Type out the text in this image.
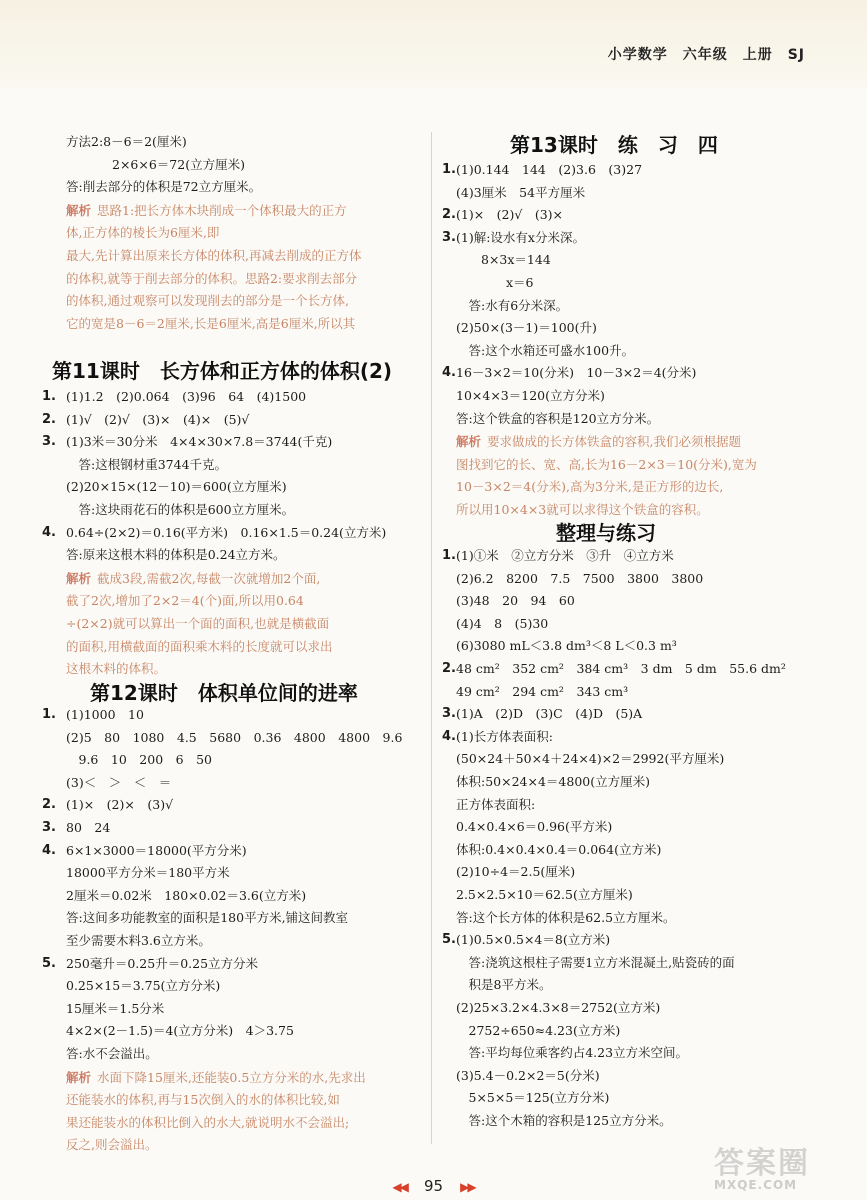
小学数学　六年级　上册　SJ
方法2:8－6＝2(厘米)
2×6×6＝72(立方厘米)
答:削去部分的体积是72立方厘米。
解析 思路1:把长方体木块削成一个体积最大的正方
体,正方体的棱长为6厘米,即
最大,先计算出原来长方体的体积,再减去削成的正方体
的体积,就等于削去部分的体积。思路2:要求削去部分
的体积,通过观察可以发现削去的部分是一个长方体,
它的宽是8－6＝2厘米,长是6厘米,高是6厘米,所以其
第11课时　长方体和正方体的体积(2)
1. (1)1.2　(2)0.064　(3)96　64　(4)1500
2. (1)√　(2)√　(3)×　(4)×　(5)√
3. (1)3米＝30分米　4×4×30×7.8＝3744(千克)
　答:这根钢材重3744千克。
(2)20×15×(12－10)＝600(立方厘米)
　答:这块雨花石的体积是600立方厘米。
4. 0.64÷(2×2)＝0.16(平方米)　0.16×1.5＝0.24(立方米)
答:原来这根木料的体积是0.24立方米。
解析 截成3段,需截2次,每截一次就增加2个面,
截了2次,增加了2×2＝4(个)面,所以用0.64
÷(2×2)就可以算出一个面的面积,也就是横截面
的面积,用横截面的面积乘木料的长度就可以求出
这根木料的体积。
第12课时　体积单位间的进率
1. (1)1000　10
(2)5　80　1080　4.5　5680　0.36　4800　4800　9.6
　9.6　10　200　6　50
(3)＜　＞　＜　＝
2. (1)×　(2)×　(3)√
3. 80　24
4. 6×1×3000＝18000(平方分米)
18000平方分米＝180平方米
2厘米＝0.02米　180×0.02＝3.6(立方米)
答:这间多功能教室的面积是180平方米,铺这间教室
至少需要木料3.6立方米。
5. 250毫升＝0.25升＝0.25立方分米
0.25×15＝3.75(立方分米)
15厘米＝1.5分米
4×2×(2－1.5)＝4(立方分米)　4＞3.75
答:水不会溢出。
解析 水面下降15厘米,还能装0.5立方分米的水,先求出
还能装水的体积,再与15次倒入的水的体积比较,如
果还能装水的体积比倒入的水大,就说明水不会溢出;
反之,则会溢出。
第13课时　练　习　四
1. (1)0.144　144　(2)3.6　(3)27
(4)3厘米　54平方厘米
2. (1)×　(2)√　(3)×
3. (1)解:设水有x分米深。
　　8×3x＝144
　　　　x＝6
　答:水有6分米深。
(2)50×(3－1)＝100(升)
　答:这个水箱还可盛水100升。
4. 16－3×2＝10(分米)　10－3×2＝4(分米)
10×4×3＝120(立方分米)
答:这个铁盒的容积是120立方分米。
解析 要求做成的长方体铁盒的容积,我们必须根据题
图找到它的长、宽、高,长为16－2×3＝10(分米),宽为
10－3×2＝4(分米),高为3分米,是正方形的边长,
所以用10×4×3就可以求得这个铁盒的容积。
整理与练习
1. (1)①米　②立方分米　③升　④立方米
(2)6.2　8200　7.5　7500　3800　3800
(3)48　20　94　60
(4)4　8　(5)30
(6)3080 mL＜3.8 dm³＜8 L＜0.3 m³
2. 48 cm²　352 cm²　384 cm³　3 dm　5 dm　55.6 dm²
49 cm²　294 cm²　343 cm³
3. (1)A　(2)D　(3)C　(4)D　(5)A
4. (1)长方体表面积:
(50×24＋50×4＋24×4)×2＝2992(平方厘米)
体积:50×24×4＝4800(立方厘米)
正方体表面积:
0.4×0.4×6＝0.96(平方米)
体积:0.4×0.4×0.4＝0.064(立方米)
(2)10÷4＝2.5(厘米)
2.5×2.5×10＝62.5(立方厘米)
答:这个长方体的体积是62.5立方厘米。
5. (1)0.5×0.5×4＝8(立方米)
　答:浇筑这根柱子需要1立方米混凝土,贴瓷砖的面
　积是8平方米。
(2)25×3.2×4.3×8＝2752(立方米)
　2752÷650≈4.23(立方米)
　答:平均每位乘客约占4.23立方米空间。
(3)5.4－0.2×2＝5(分米)
　5×5×5＝125(立方分米)
　答:这个木箱的容积是125立方分米。
◀◀ 95 ▶▶
答案圈
MXQE.COM
